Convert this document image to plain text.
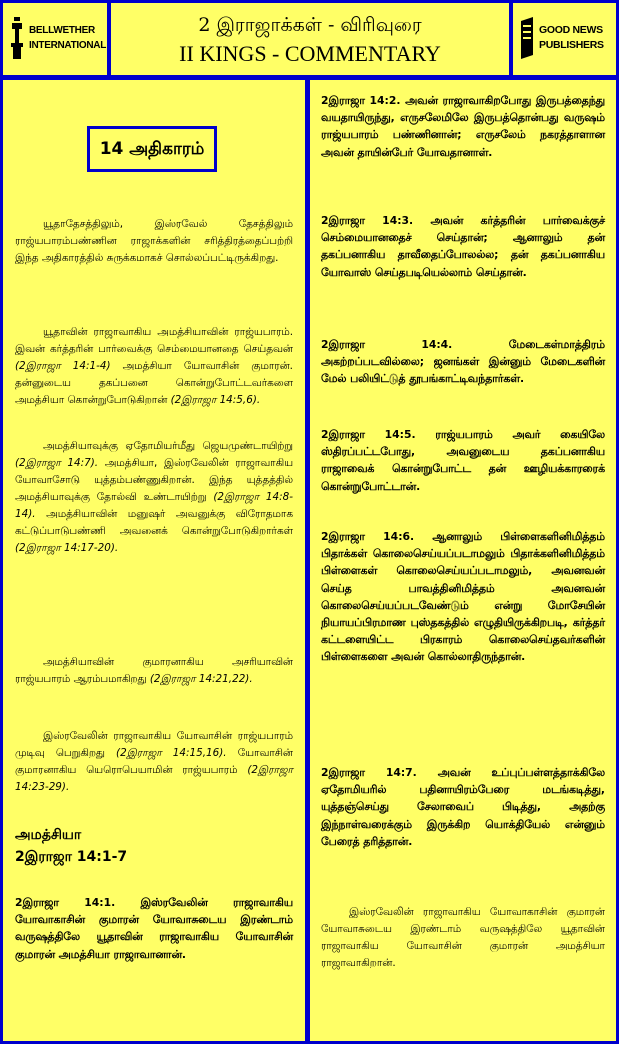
BELLWETHER
INTERNATIONAL
2 இராஜாக்கள் - விரிவுரை
II KINGS - COMMENTARY
GOOD NEWS
PUBLISHERS
14 அதிகாரம்
யூதாதேசத்திலும், இஸ்ரவேல் தேசத்திலும் ராஜ்யபாரம்பண்ணின ராஜாக்களின் சரித்திரத்தைப்பற்றி இந்த அதிகாரத்தில் சுருக்கமாகச் சொல்லப்பட்டிருக்கிறது.
யூதாவின் ராஜாவாகிய அமத்சியாவின் ராஜ்யபாரம். இவன் கர்த்தரின் பார்வைக்கு செம்மையானதை செய்தவன் (2இராஜா 14:1-4) அமத்சியா யோவாசின் குமாரன். தன்னுடைய தகப்பனை கொன்றுபோட்டவர்களை அமத்சியா கொன்றுபோடுகிறான் (2இராஜா 14:5,6).
அமத்சியாவுக்கு ஏதோமியர்மீது ஜெயமுண்டாயிற்று (2இராஜா 14:7). அமத்சியா, இஸ்ரவேலின் ராஜாவாகிய யோவாசோடு யுத்தம்பண்ணுகிறான். இந்த யுத்தத்தில் அமத்சியாவுக்கு தோல்வி உண்டாயிற்று (2இராஜா 14:8-14). அமத்சியாவின் மனுஷர் அவனுக்கு விரோதமாக கட்டுப்பாடுபண்ணி அவனைக் கொன்றுபோடுகிறார்கள் (2இராஜா 14:17-20).
அமத்சியாவின் குமாரனாகிய அசரியாவின் ராஜ்யபாரம் ஆரம்பமாகிறது (2இராஜா 14:21,22).
இஸ்ரவேலின் ராஜாவாகிய யோவாசின் ராஜ்யபாரம் முடிவு பெறுகிறது (2இராஜா 14:15,16). யோவாசின் குமாரனாகிய யெரொபெயாமின் ராஜ்யபாரம் (2இராஜா 14:23-29).
அமத்சியா
2இராஜா 14:1-7
2இராஜா 14:1. இஸ்ரவேலின் ராஜாவாகிய யோவாகாசின் குமாரன் யோவாசுடைய இரண்டாம் வருஷத்திலே யூதாவின் ராஜாவாகிய யோவாசின் குமாரன் அமத்சியா ராஜாவானான்.
2இராஜா 14:2. அவன் ராஜாவாகிறபோது இருபத்தைந்து வயதாயிருந்து, எருசலேமிலே இருபத்தொன்பது வருஷம் ராஜ்யபாரம் பண்ணினான்; எருசலேம் நகரத்தாளான அவன் தாயின்பேர் யோவதானாள்.
2இராஜா 14:3. அவன் கர்த்தரின் பார்வைக்குச் செம்மையானதைச் செய்தான்; ஆனாலும் தன் தகப்பனாகிய தாவீதைப்போலல்ல; தன் தகப்பனாகிய யோவாஸ் செய்தபடியெல்லாம் செய்தான்.
2இராஜா 14:4. மேடைகள்மாத்திரம் அகற்றப்படவில்லை; ஜனங்கள் இன்னும் மேடைகளின் மேல் பலியிட்டுத் தூபங்காட்டிவந்தார்கள்.
2இராஜா 14:5. ராஜ்யபாரம் அவர் கையிலே ஸ்திரப்பட்டபோது, அவனுடைய தகப்பனாகிய ராஜாவைக் கொன்றுபோட்ட தன் ஊழியக்காரரைக் கொன்றுபோட்டான்.
2இராஜா 14:6. ஆனாலும் பிள்ளைகளினிமித்தம் பிதாக்கள் கொலைசெய்யப்படாமலும் பிதாக்களினிமித்தம் பிள்ளைகள் கொலைசெய்யப்படாமலும், அவனவன் செய்த பாவத்தினிமித்தம் அவனவன் கொலைசெய்யப்படவேண்டும் என்று மோசேயின் நியாயப்பிரமாண புஸ்தகத்தில் எழுதியிருக்கிறபடி, கர்த்தர் கட்டளையிட்ட பிரகாரம் கொலைசெய்தவர்களின் பிள்ளைகளை அவன் கொல்லாதிருந்தான்.
2இராஜா 14:7. அவன் உப்புப்பள்ளத்தாக்கிலே ஏதோமியரில் பதினாயிரம்பேரை மடங்கடித்து, யுத்தஞ்செய்து சேலாவைப் பிடித்து, அதற்கு இந்நாள்வரைக்கும் இருக்கிற யொக்தியேல் என்னும் பேரைத் தரித்தான்.
இஸ்ரவேலின் ராஜாவாகிய யோவாகாசின் குமாரன் யோவாசுடைய இரண்டாம் வருஷத்திலே யூதாவின் ராஜாவாகிய யோவாசின் குமாரன் அமத்சியா ராஜாவாகிறான்.
